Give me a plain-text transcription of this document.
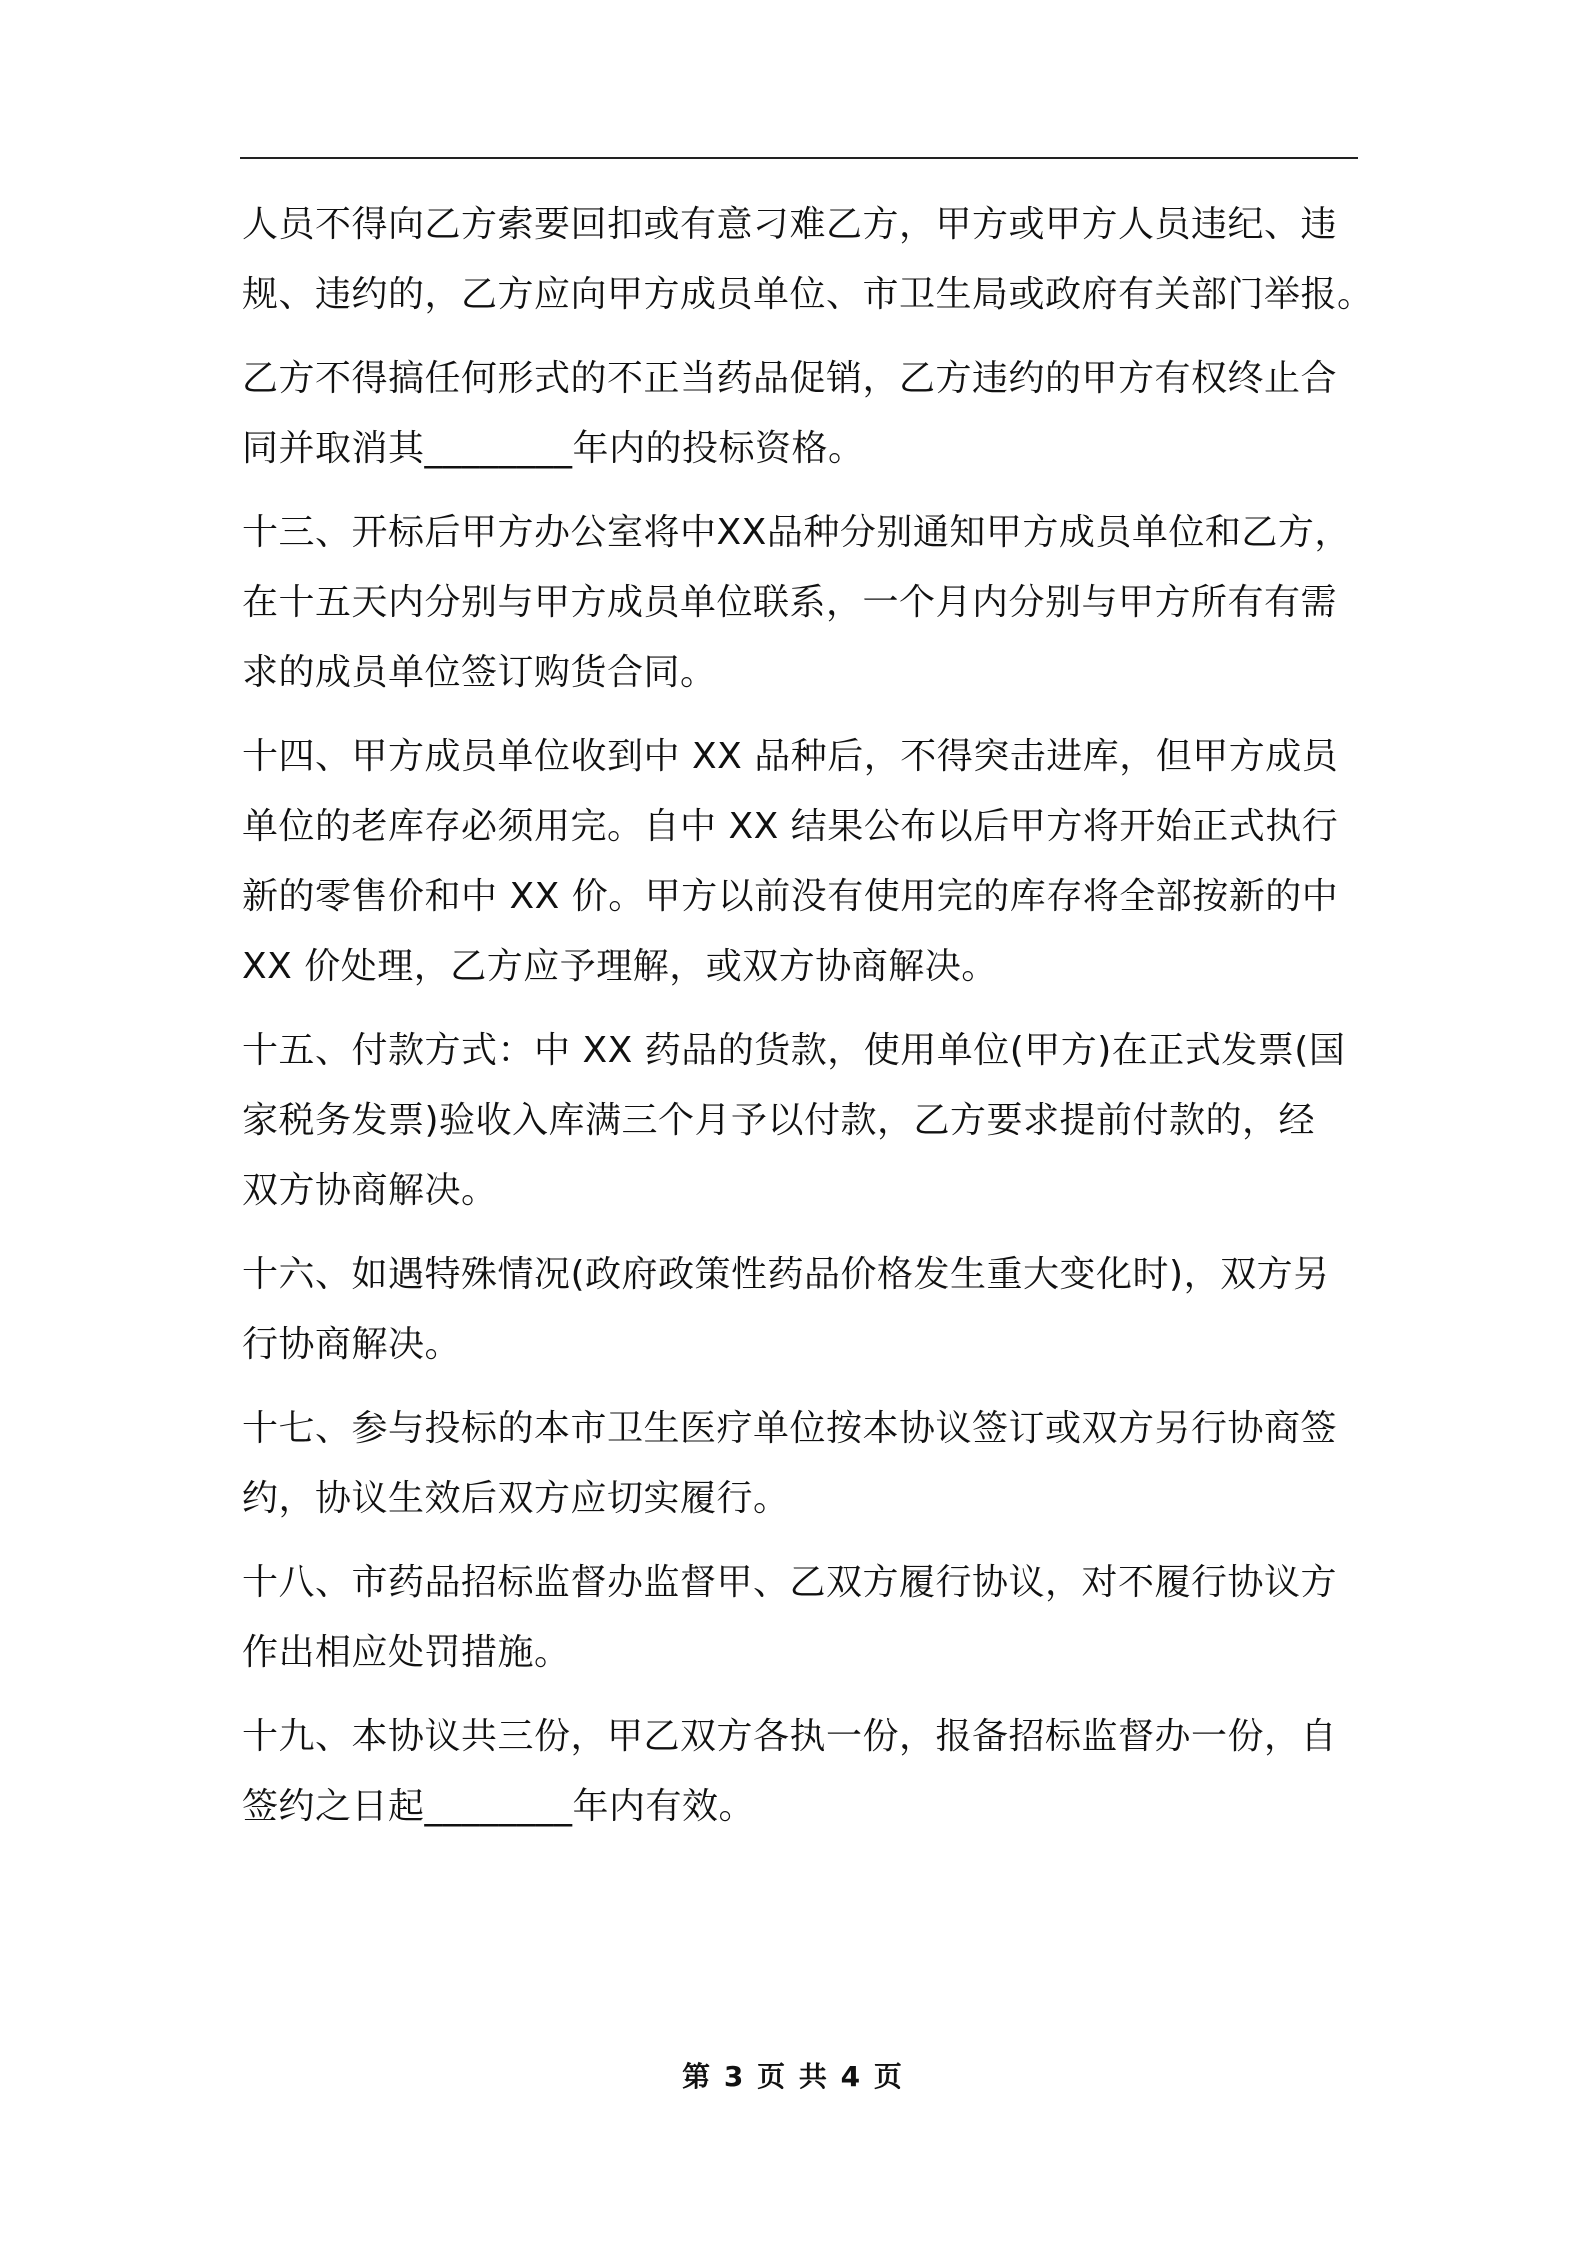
人员不得向乙方索要回扣或有意刁难乙方，甲方或甲方人员违纪、违
规、违约的，乙方应向甲方成员单位、市卫生局或政府有关部门举报。
乙方不得搞任何形式的不正当药品促销，乙方违约的甲方有权终止合
同并取消其________年内的投标资格。
十三、开标后甲方办公室将中XX品种分别通知甲方成员单位和乙方，
在十五天内分别与甲方成员单位联系，一个月内分别与甲方所有有需
求的成员单位签订购货合同。
十四、甲方成员单位收到中 XX 品种后，不得突击进库，但甲方成员
单位的老库存必须用完。自中 XX 结果公布以后甲方将开始正式执行
新的零售价和中 XX 价。甲方以前没有使用完的库存将全部按新的中
XX 价处理，乙方应予理解，或双方协商解决。
十五、付款方式：中 XX 药品的货款，使用单位(甲方)在正式发票(国
家税务发票)验收入库满三个月予以付款，乙方要求提前付款的，经
双方协商解决。
十六、如遇特殊情况(政府政策性药品价格发生重大变化时)，双方另
行协商解决。
十七、参与投标的本市卫生医疗单位按本协议签订或双方另行协商签
约，协议生效后双方应切实履行。
十八、市药品招标监督办监督甲、乙双方履行协议，对不履行协议方
作出相应处罚措施。
十九、本协议共三份，甲乙双方各执一份，报备招标监督办一份，自
签约之日起________年内有效。
第 3 页 共 4 页
